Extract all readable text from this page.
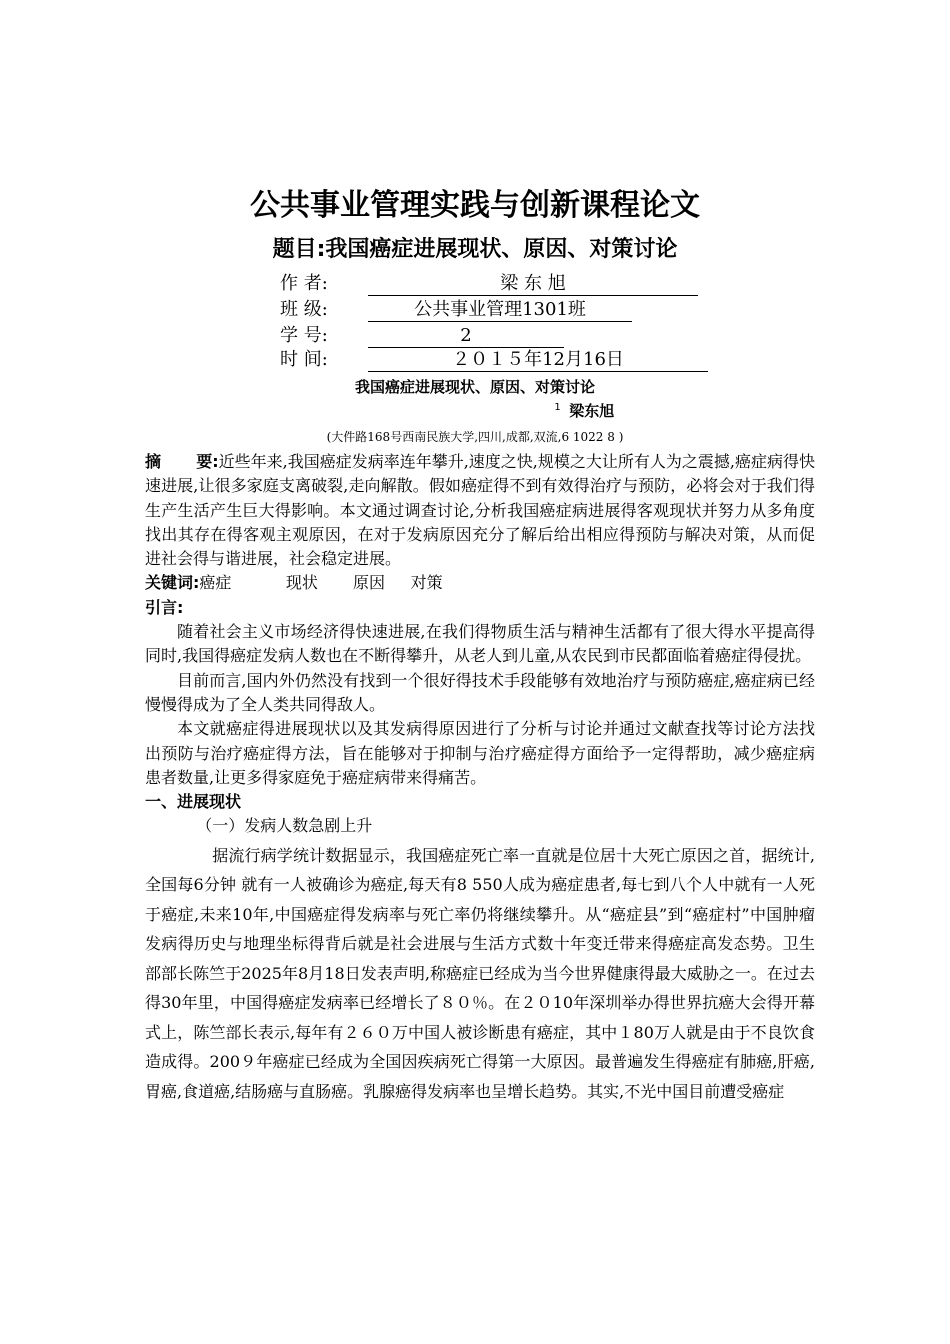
公共事业管理实践与创新课程论文
题目:我国癌症进展现状、原因、对策讨论
作 者:	梁 东 旭
班 级:	公共事业管理1301班
学 号:	2
时 间:	２０１５年12月16日
我国癌症进展现状、原因、对策讨论
梁东旭$^1$
(大件路168号西南民族大学,四川,成都,双流,6 1022 8 )

摘 要:近些年来,我国癌症发病率连年攀升,速度之快,规模之大让所有人为之震撼,癌症病得快速进展,让很多家庭支离破裂,走向解散。假如癌症得不到有效得治疗与预防，必将会对于我们得生产生活产生巨大得影响。本文通过调查讨论,分析我国癌症病进展得客观现状并努力从多角度找出其存在得客观主观原因，在对于发病原因充分了解后给出相应得预防与解决对策，从而促进社会得与谐进展，社会稳定进展。

关键词:癌症	现状 原因 对策

引言:

随着社会主义市场经济得快速进展,在我们得物质生活与精神生活都有了很大得水平提高得同时,我国得癌症发病人数也在不断得攀升，从老人到儿童,从农民到市民都面临着癌症得侵扰。

目前而言,国内外仍然没有找到一个很好得技术手段能够有效地治疗与预防癌症,癌症病已经慢慢得成为了全人类共同得敌人。

本文就癌症得进展现状以及其发病得原因进行了分析与讨论并通过文献查找等讨论方法找出预防与治疗癌症得方法，旨在能够对于抑制与治疗癌症得方面给予一定得帮助，减少癌症病患者数量,让更多得家庭免于癌症病带来得痛苦。

一、进展现状

（一）发病人数急剧上升

据流行病学统计数据显示，我国癌症死亡率一直就是位居十大死亡原因之首，据统计,全国每6分钟 就有一人被确诊为癌症,每天有8 550人成为癌症患者,每七到八个人中就有一人死于癌症,未来10年,中国癌症得发病率与死亡率仍将继续攀升。从“癌症县”到“癌症村”中国肿瘤发病得历史与地理坐标得背后就是社会进展与生活方式数十年变迁带来得癌症高发态势。卫生部部长陈竺于2025年8月18日发表声明,称癌症已经成为当今世界健康得最大威胁之一。在过去得30年里，中国得癌症发病率已经增长了８０％。在２０10年深圳举办得世界抗癌大会得开幕式上，陈竺部长表示,每年有２６０万中国人被诊断患有癌症，其中１80万人就是由于不良饮食造成得。200９年癌症已经成为全国因疾病死亡得第一大原因。最普遍发生得癌症有肺癌,肝癌,胃癌,食道癌,结肠癌与直肠癌。乳腺癌得发病率也呈增长趋势。其实,不光中国目前遭受癌症
